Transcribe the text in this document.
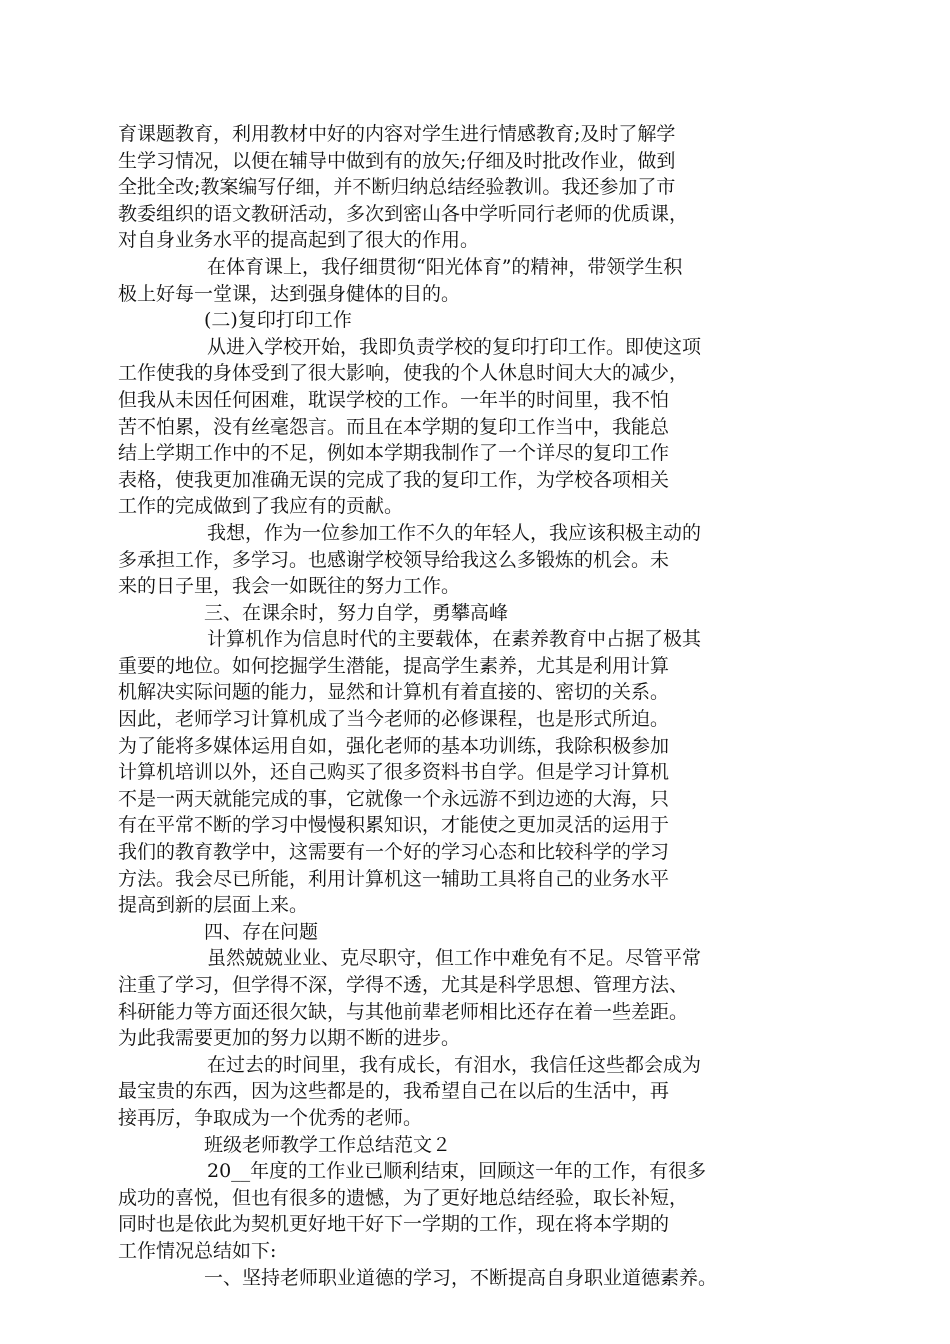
育课题教育，利用教材中好的内容对学生进行情感教育;及时了解学
生学习情况，以便在辅导中做到有的放矢;仔细及时批改作业，做到
全批全改;教案编写仔细，并不断归纳总结经验教训。我还参加了市
教委组织的语文教研活动，多次到密山各中学听同行老师的优质课，
对自身业务水平的提高起到了很大的作用。
在体育课上，我仔细贯彻“阳光体育”的精神，带领学生积
极上好每一堂课，达到强身健体的目的。
(二)复印打印工作
从进入学校开始，我即负责学校的复印打印工作。即使这项
工作使我的身体受到了很大影响，使我的个人休息时间大大的减少，
但我从未因任何困难，耽误学校的工作。一年半的时间里，我不怕
苦不怕累，没有丝毫怨言。而且在本学期的复印工作当中，我能总
结上学期工作中的不足，例如本学期我制作了一个详尽的复印工作
表格，使我更加准确无误的完成了我的复印工作，为学校各项相关
工作的完成做到了我应有的贡献。
我想，作为一位参加工作不久的年轻人，我应该积极主动的
多承担工作，多学习。也感谢学校领导给我这么多锻炼的机会。未
来的日子里，我会一如既往的努力工作。
三、在课余时，努力自学，勇攀高峰
计算机作为信息时代的主要载体，在素养教育中占据了极其
重要的地位。如何挖掘学生潜能，提高学生素养，尤其是利用计算
机解决实际问题的能力，显然和计算机有着直接的、密切的关系。
因此，老师学习计算机成了当今老师的必修课程，也是形式所迫。
为了能将多媒体运用自如，强化老师的基本功训练，我除积极参加
计算机培训以外，还自己购买了很多资料书自学。但是学习计算机
不是一两天就能完成的事，它就像一个永远游不到边迹的大海，只
有在平常不断的学习中慢慢积累知识，才能使之更加灵活的运用于
我们的教育教学中，这需要有一个好的学习心态和比较科学的学习
方法。我会尽已所能，利用计算机这一辅助工具将自己的业务水平
提高到新的层面上来。
四、存在问题
虽然兢兢业业、克尽职守，但工作中难免有不足。尽管平常
注重了学习，但学得不深，学得不透，尤其是科学思想、管理方法、
科研能力等方面还很欠缺，与其他前辈老师相比还存在着一些差距。
为此我需要更加的努力以期不断的进步。
在过去的时间里，我有成长，有泪水，我信任这些都会成为
最宝贵的东西，因为这些都是的，我希望自己在以后的生活中，再
接再厉，争取成为一个优秀的老师。
班级老师教学工作总结范文２
20__年度的工作业已顺利结束，回顾这一年的工作，有很多
成功的喜悦，但也有很多的遗憾，为了更好地总结经验，取长补短，
同时也是依此为契机更好地干好下一学期的工作，现在将本学期的
工作情况总结如下:
一、坚持老师职业道德的学习，不断提高自身职业道德素养。
